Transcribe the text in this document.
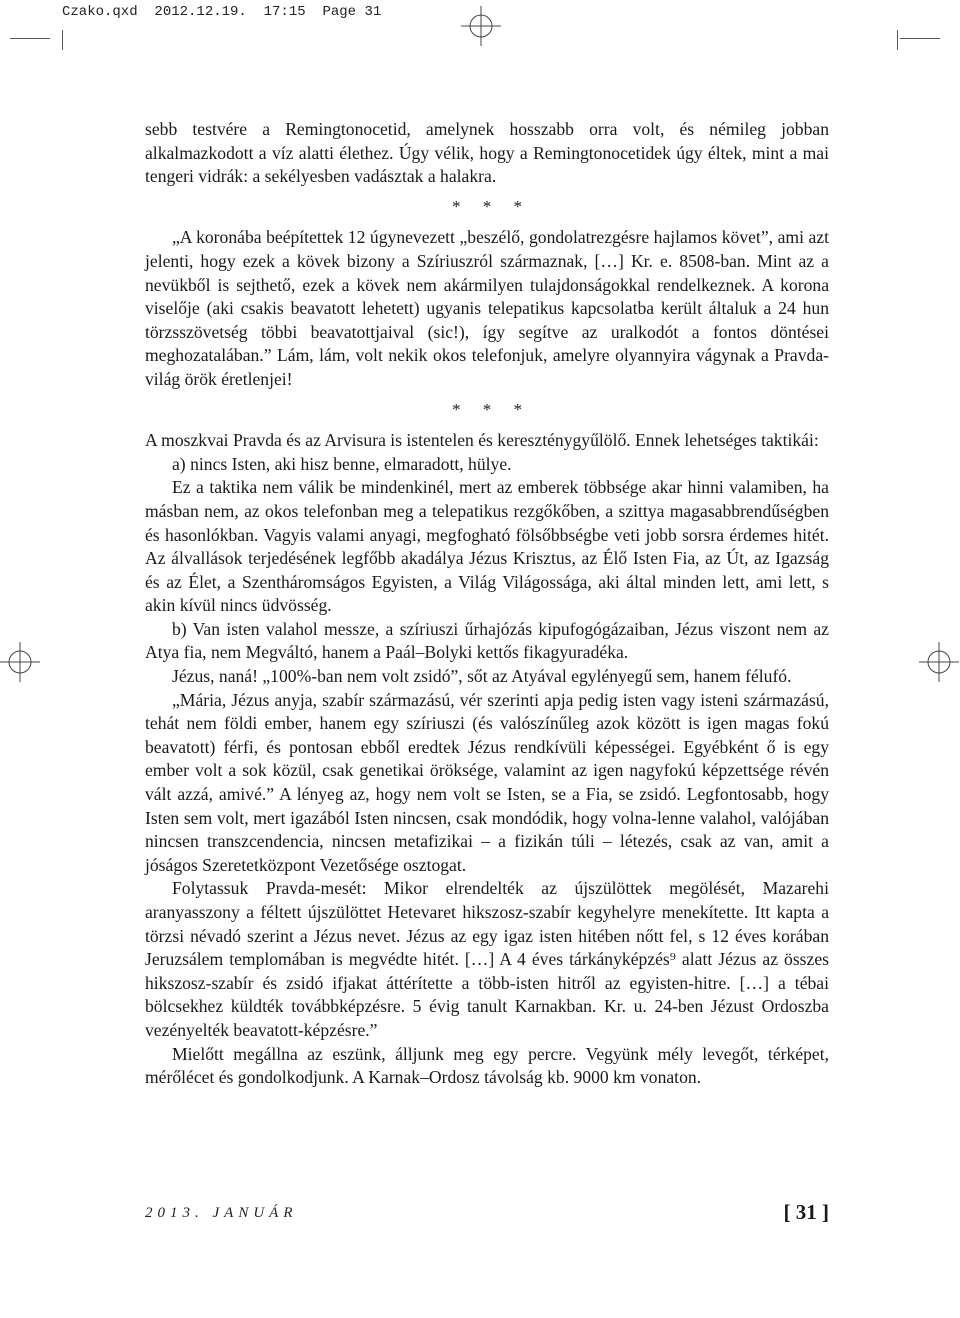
Czako.qxd  2012.12.19.  17:15  Page 31

sebb testvére a Remingtonocetid, amelynek hosszabb orra volt, és némileg jobban alkalmazkodott a víz alatti élethez. Úgy vélik, hogy a Remingtonocetidek úgy éltek, mint a mai tengeri vidrák: a sekélyesben vadásztak a halakra.

* * *

„A koronába beépítettek 12 úgynevezett „beszélő, gondolatrezgésre hajlamos követ”, ami azt jelenti, hogy ezek a kövek bizony a Szíriuszról származnak, […] Kr. e. 8508-ban. Mint az a nevükből is sejthető, ezek a kövek nem akármilyen tulajdonságokkal rendelkeznek. A korona viselője (aki csakis beavatott lehetett) ugyanis telepatikus kapcsolatba került általuk a 24 hun törzsszövetség többi beavatottjaival (sic!), így segítve az uralkodót a fontos döntései meghozatalában.” Lám, lám, volt nekik okos telefonjuk, amelyre olyannyira vágynak a Pravda-világ örök éretlenjei!

* * *

A moszkvai Pravda és az Arvisura is istentelen és kereszténygyűlölő. Ennek lehetséges taktikái:

a) nincs Isten, aki hisz benne, elmaradott, hülye.

Ez a taktika nem válik be mindenkinél, mert az emberek többsége akar hinni valamiben, ha másban nem, az okos telefonban meg a telepatikus rezgőkőben, a szittya magasabbrendűségben és hasonlókban. Vagyis valami anyagi, megfogható fölsőbbségbe veti jobb sorsra érdemes hitét. Az álvallások terjedésének legfőbb akadálya Jézus Krisztus, az Élő Isten Fia, az Út, az Igazság és az Élet, a Szentháromságos Egyisten, a Világ Világossága, aki által minden lett, ami lett, s akin kívül nincs üdvösség.

b) Van isten valahol messze, a szíriuszi űrhajózás kipufogógázaiban, Jézus viszont nem az Atya fia, nem Megváltó, hanem a Paál–Bolyki kettős fikagyuradéka.

Jézus, naná! „100%-ban nem volt zsidó”, sőt az Atyával egylényegű sem, hanem félufó.

„Mária, Jézus anyja, szabír származású, vér szerinti apja pedig isten vagy isteni származású, tehát nem földi ember, hanem egy szíriuszi (és valószínűleg azok között is igen magas fokú beavatott) férfi, és pontosan ebből eredtek Jézus rendkívüli képességei. Egyébként ő is egy ember volt a sok közül, csak genetikai öröksége, valamint az igen nagyfokú képzettsége révén vált azzá, amivé.” A lényeg az, hogy nem volt se Isten, se a Fia, se zsidó. Legfontosabb, hogy Isten sem volt, mert igazából Isten nincsen, csak mondódik, hogy volna-lenne valahol, valójában nincsen transzcendencia, nincsen metafizikai – a fizikán túli – létezés, csak az van, amit a jóságos Szeretetközpont Vezetősége osztogat.

Folytassuk Pravda-mesét: Mikor elrendelték az újszülöttek megölését, Mazarehi aranyasszony a féltett újszülöttet Hetevaret hikszosz-szabír kegyhelyre menekítette. Itt kapta a törzsi névadó szerint a Jézus nevet. Jézus az egy igaz isten hitében nőtt fel, s 12 éves korában Jeruzsálem templomában is megvédte hitét. […] A 4 éves tárkányképzés⁹ alatt Jézus az összes hikszosz-szabír és zsidó ifjakat áttérítette a több-isten hitről az egyisten-hitre. […] a tébai bölcsekhez küldték továbbképzésre. 5 évig tanult Karnakban. Kr. u. 24-ben Jézust Ordoszba vezényelték beavatott-képzésre.”

Mielőtt megállna az eszünk, álljunk meg egy percre. Vegyünk mély levegőt, térképet, mérőlécet és gondolkodjunk. A Karnak–Ordosz távolság kb. 9000 km vonaton.

2013. JANUÁR	[ 31 ]
